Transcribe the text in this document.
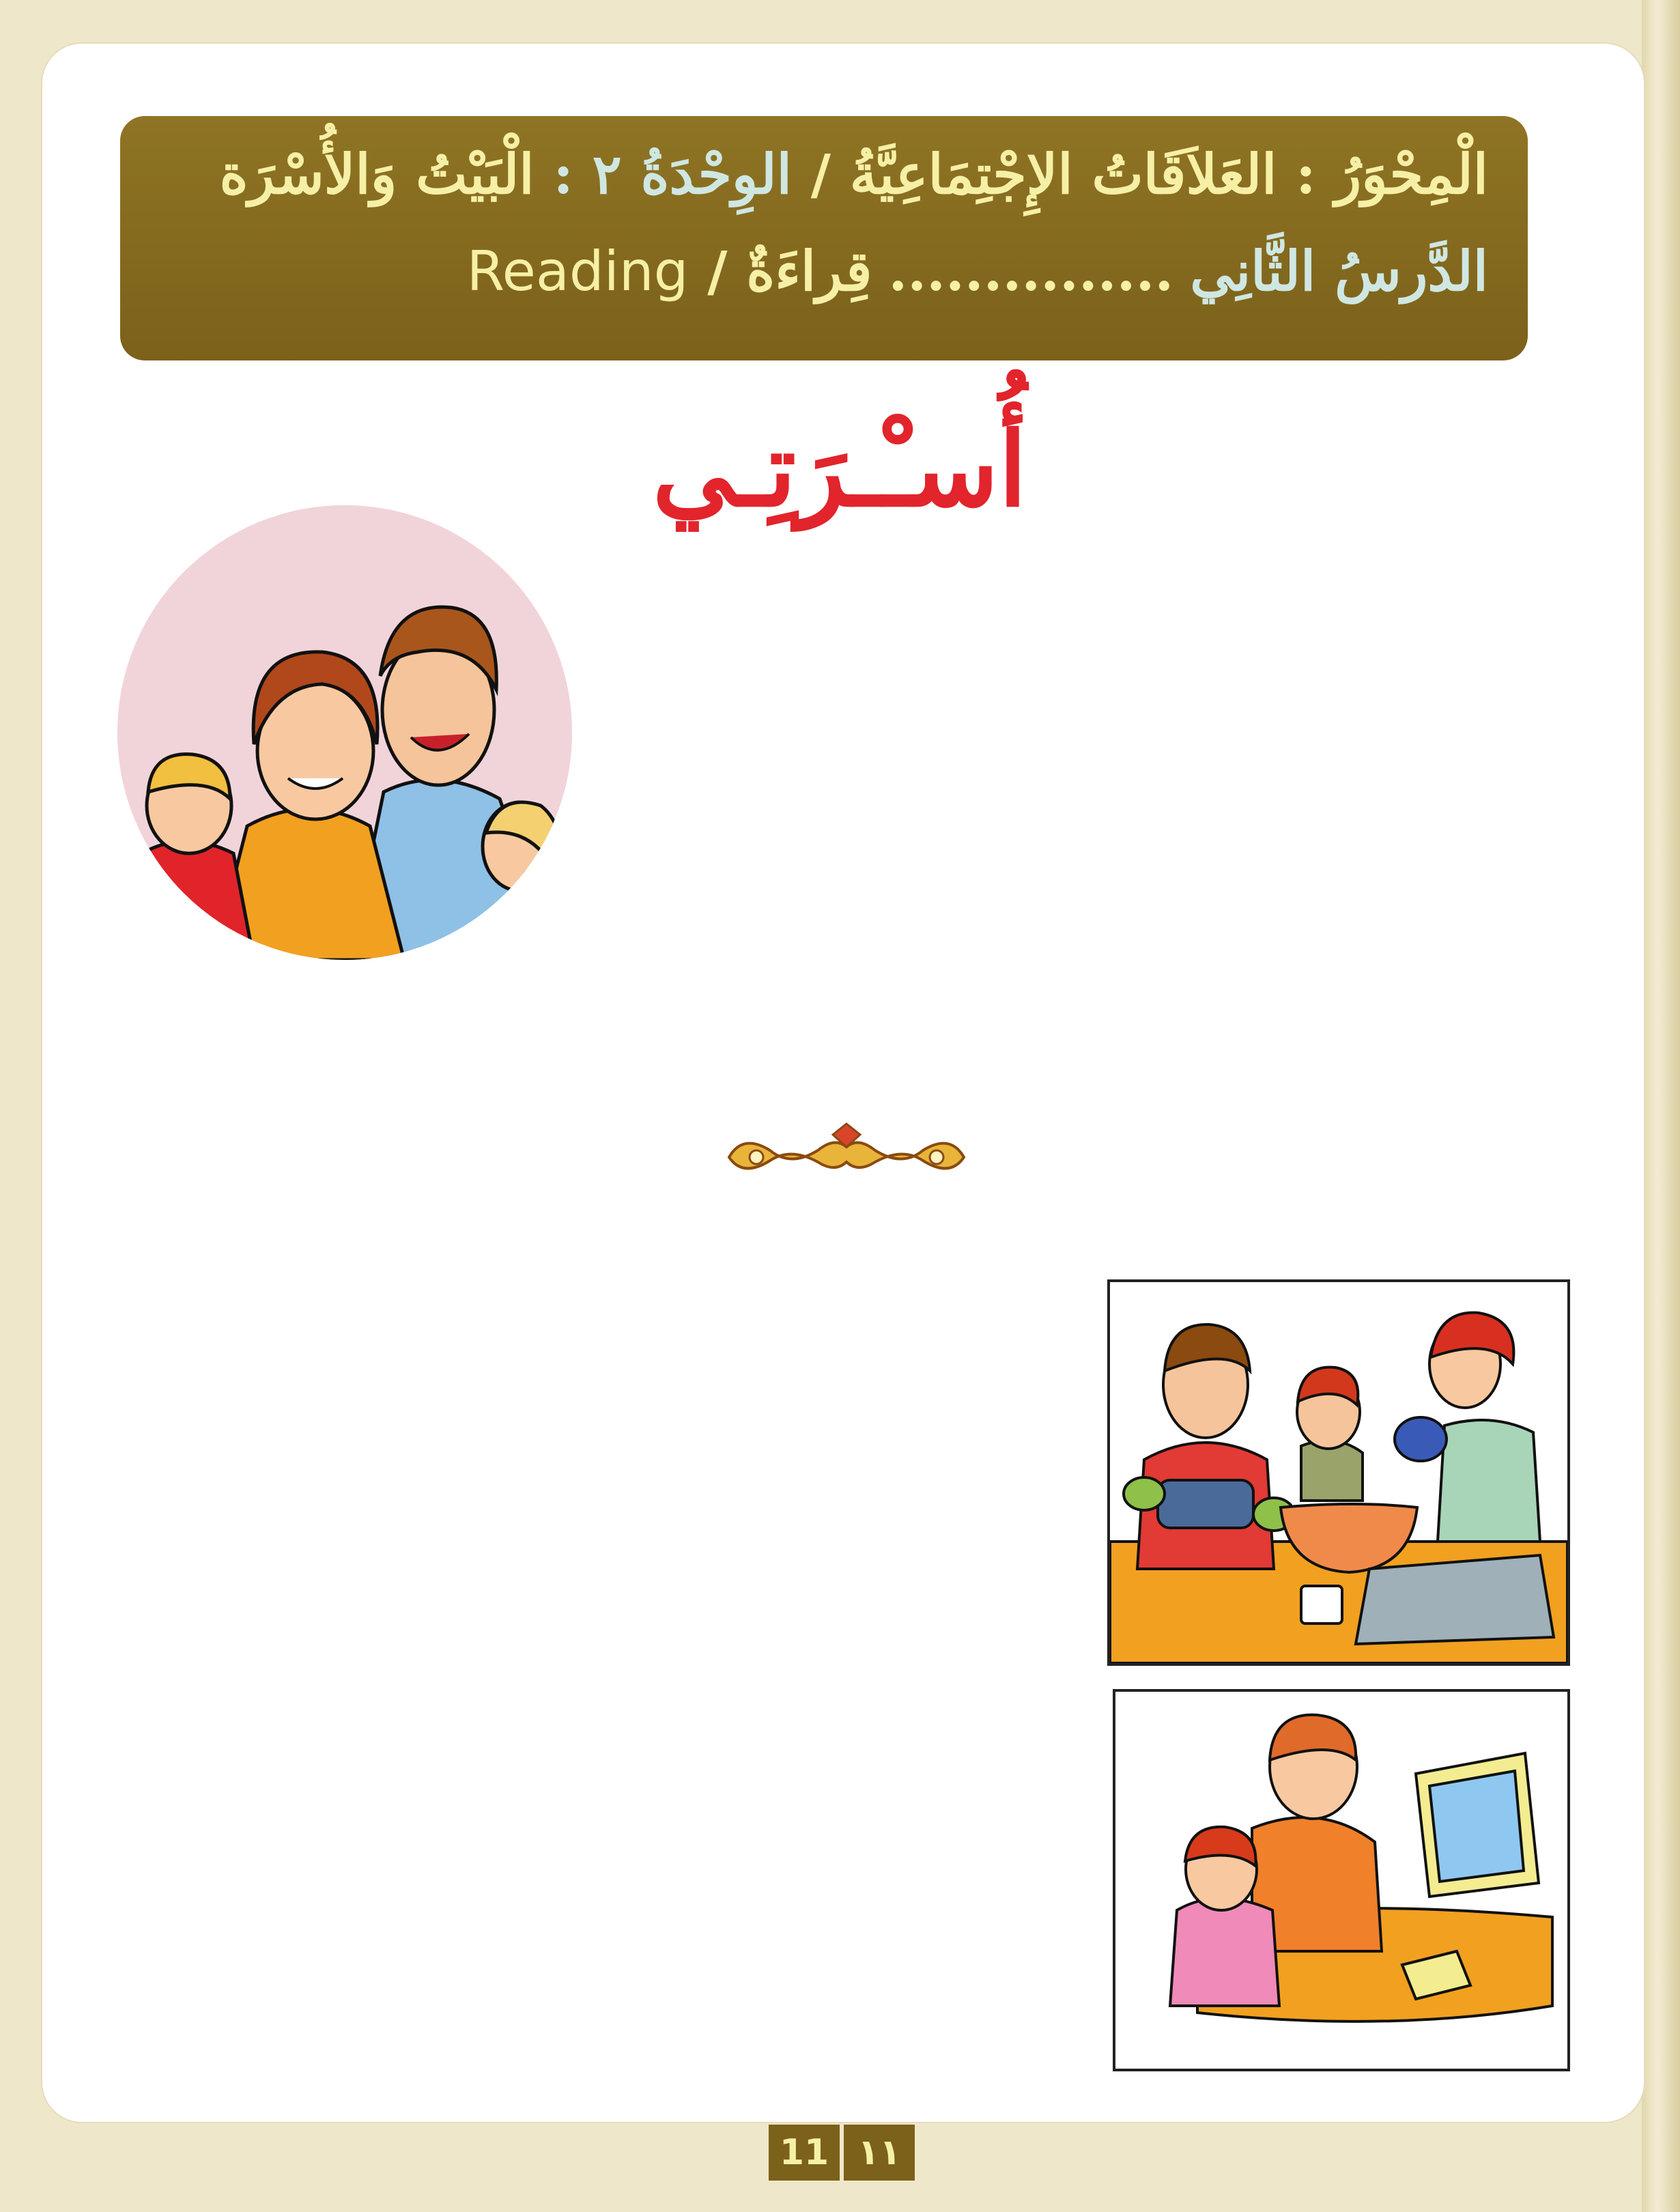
الْمِحْوَرُ : العَلاَقَاتُ الإِجْتِمَاعِيَّةُ / الوِحْدَةُ ٢ : الْبَيْتُ وَالأُسْرَة
الدَّرسُ الثَّانِي...............قِراءَةٌ / Reading
أُسـْـرَتِـي
11 ١١
